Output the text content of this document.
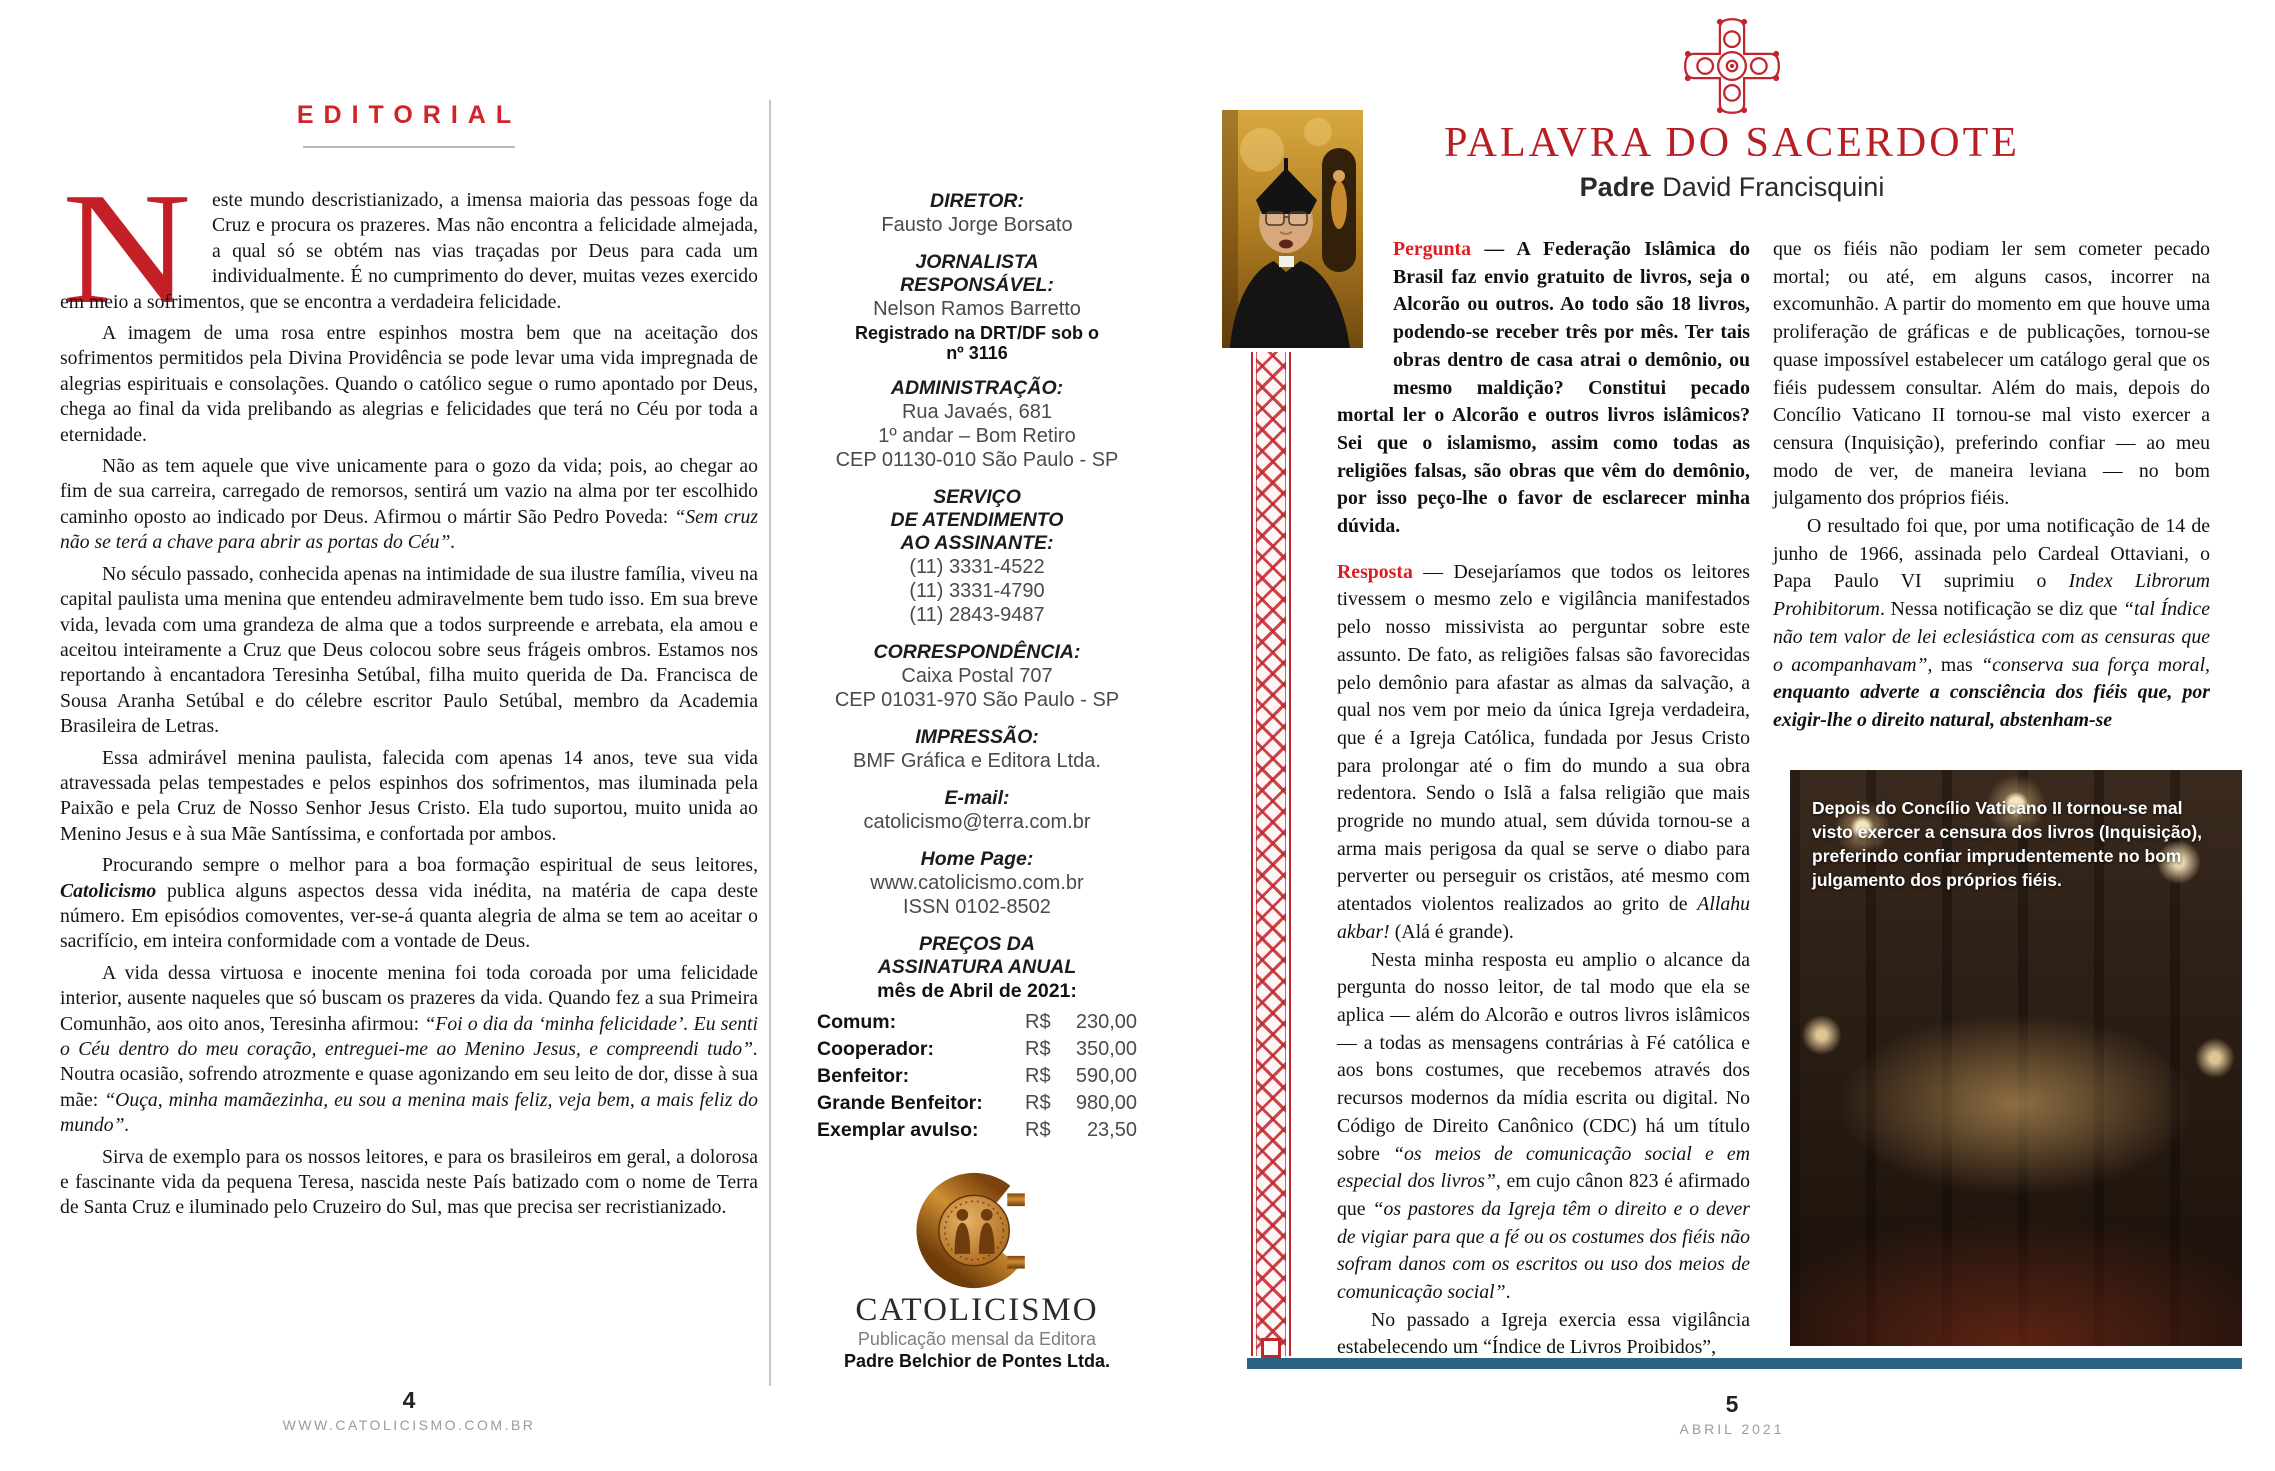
N
EDITORIAL

este mundo descristianizado, a imensa maioria das pessoas foge da Cruz e procura os prazeres. Mas não encontra a felicidade almejada, a qual só se obtém nas vias traçadas por Deus para cada um individualmente. É no cumprimento do dever, muitas vezes exercido em meio a sofrimentos, que se encontra a verdadeira felicidade.

A imagem de uma rosa entre espinhos mostra bem que na aceitação dos sofrimentos permitidos pela Divina Providência se pode levar uma vida impregnada de alegrias espirituais e consolações. Quando o católico segue o rumo apontado por Deus, chega ao final da vida prelibando as alegrias e felicidades que terá no Céu por toda a eternidade.

Não as tem aquele que vive unicamente para o gozo da vida; pois, ao chegar ao fim de sua carreira, carregado de remorsos, sentirá um vazio na alma por ter escolhido caminho oposto ao indicado por Deus. Afirmou o mártir São Pedro Poveda: “Sem cruz não se terá a chave para abrir as portas do Céu”.

No século passado, conhecida apenas na intimidade de sua ilustre família, viveu na capital paulista uma menina que entendeu admiravelmente bem tudo isso. Em sua breve vida, levada com uma grandeza de alma que a todos surpreende e arrebata, ela amou e aceitou inteiramente a Cruz que Deus colocou sobre seus frágeis ombros. Estamos nos reportando à encantadora Teresinha Setúbal, filha muito querida de Da. Francisca de Sousa Aranha Setúbal e do célebre escritor Paulo Setúbal, membro da Academia Brasileira de Letras.

Essa admirável menina paulista, falecida com apenas 14 anos, teve sua vida atravessada pelas tempestades e pelos espinhos dos sofrimentos, mas iluminada pela Paixão e pela Cruz de Nosso Senhor Jesus Cristo. Ela tudo suportou, muito unida ao Menino Jesus e à sua Mãe Santíssima, e confortada por ambos.

Procurando sempre o melhor para a boa formação espiritual de seus leitores, Catolicismo publica alguns aspectos dessa vida inédita, na matéria de capa deste número. Em episódios comoventes, ver-se-á quanta alegria de alma se tem ao aceitar o sacrifício, em inteira conformidade com a vontade de Deus.

A vida dessa virtuosa e inocente menina foi toda coroada por uma felicidade interior, ausente naqueles que só buscam os prazeres da vida. Quando fez a sua Primeira Comunhão, aos oito anos, Teresinha afirmou: “Foi o dia da ‘minha felicidade’. Eu senti o Céu dentro do meu coração, entreguei-me ao Menino Jesus, e compreendi tudo”. Noutra ocasião, sofrendo atrozmente e quase agonizando em seu leito de dor, disse à sua mãe: “Ouça, minha mamãezinha, eu sou a menina mais feliz, veja bem, a mais feliz do mundo”.

Sirva de exemplo para os nossos leitores, e para os brasileiros em geral, a dolorosa e fascinante vida da pequena Teresa, nascida neste País batizado com o nome de Terra de Santa Cruz e iluminado pelo Cruzeiro do Sul, mas que precisa ser recristianizado.

DIRETOR:
Fausto Jorge Borsato
JORNALISTA
RESPONSÁVEL:
Nelson Ramos Barretto
Registrado na DRT/DF sob o nº 3116
ADMINISTRAÇÃO:
Rua Javaés, 681
1º andar – Bom Retiro
CEP 01130-010 São Paulo - SP
SERVIÇO
DE ATENDIMENTO
AO ASSINANTE:
(11) 3331-4522
(11) 3331-4790
(11) 2843-9487
CORRESPONDÊNCIA:
Caixa Postal 707
CEP 01031-970 São Paulo - SP
IMPRESSÃO:
BMF Gráfica e Editora Ltda.
E-mail:
catolicismo@terra.com.br
Home Page:
www.catolicismo.com.br
ISSN 0102-8502
PREÇOS DA
ASSINATURA ANUAL
mês de Abril de 2021:
Comum:	R$ 230,00
Cooperador:	R$ 350,00
Benfeitor:	R$ 590,00
Grande Benfeitor: R$ 980,00
Exemplar avulso: R$ 23,50
CATOLICISMO
Publicação mensal da Editora
Padre Belchior de Pontes Ltda.
4
WWW.CATOLICISMO.COM.BR
PALAVRA DO SACERDOTE
Padre David Francisquini

Pergunta — A Federação Islâmica do Brasil faz envio gratuito de livros, seja o Alcorão ou outros. Ao todo são 18 livros, podendo-se receber três por mês. Ter tais obras dentro de casa atrai o demônio, ou mesmo maldição? Constitui pecado mortal ler o Alcorão e outros livros islâmicos? Sei que o islamismo, assim como todas as religiões falsas, são obras que vêm do demônio, por isso peço-lhe o favor de esclarecer minha dúvida.

Resposta — Desejaríamos que todos os leitores tivessem o mesmo zelo e vigilância manifestados pelo nosso missivista ao perguntar sobre este assunto. De fato, as religiões falsas são favorecidas pelo demônio para afastar as almas da salvação, a qual nos vem por meio da única Igreja verdadeira, que é a Igreja Católica, fundada por Jesus Cristo para prolongar até o fim do mundo a sua obra redentora. Sendo o Islã a falsa religião que mais progride no mundo atual, sem dúvida tornou-se a arma mais perigosa da qual se serve o diabo para perverter ou perseguir os cristãos, até mesmo com atentados violentos realizados ao grito de Allahu akbar! (Alá é grande).

Nesta minha resposta eu amplio o alcance da pergunta do nosso leitor, de tal modo que ela se aplica — além do Alcorão e outros livros islâmicos — a todas as mensagens contrárias à Fé católica e aos bons costumes, que recebemos através dos recursos modernos da mídia escrita ou digital. No Código de Direito Canônico (CDC) há um título sobre “os meios de comunicação social e em especial dos livros”, em cujo cânon 823 é afirmado que “os pastores da Igreja têm o direito e o dever de vigiar para que a fé ou os costumes dos fiéis não sofram danos com os escritos ou uso dos meios de comunicação social”.

No passado a Igreja exercia essa vigilância estabelecendo um “Índice de Livros Proibidos”,

que os fiéis não podiam ler sem cometer pecado mortal; ou até, em alguns casos, incorrer na excomunhão. A partir do momento em que houve uma proliferação de gráficas e de publicações, tornou-se quase impossível estabelecer um catálogo geral que os fiéis pudessem consultar. Além do mais, depois do Concílio Vaticano II tornou-se mal visto exercer a censura (Inquisição), preferindo confiar — ao meu modo de ver, de maneira leviana — no bom julgamento dos próprios fiéis.

O resultado foi que, por uma notificação de 14 de junho de 1966, assinada pelo Cardeal Ottaviani, o Papa Paulo VI suprimiu o Index Librorum Prohibitorum. Nessa notificação se diz que “tal Índice não tem valor de lei eclesiástica com as censuras que o acompanhavam”, mas “conserva sua força moral, enquanto adverte a consciência dos fiéis que, por exigir-lhe o direito natural, abstenham-se

Depois do Concílio Vaticano II tornou-se mal visto exercer a censura dos livros (Inquisição), preferindo confiar imprudentemente no bom julgamento dos próprios fiéis.
5
ABRIL 2021
